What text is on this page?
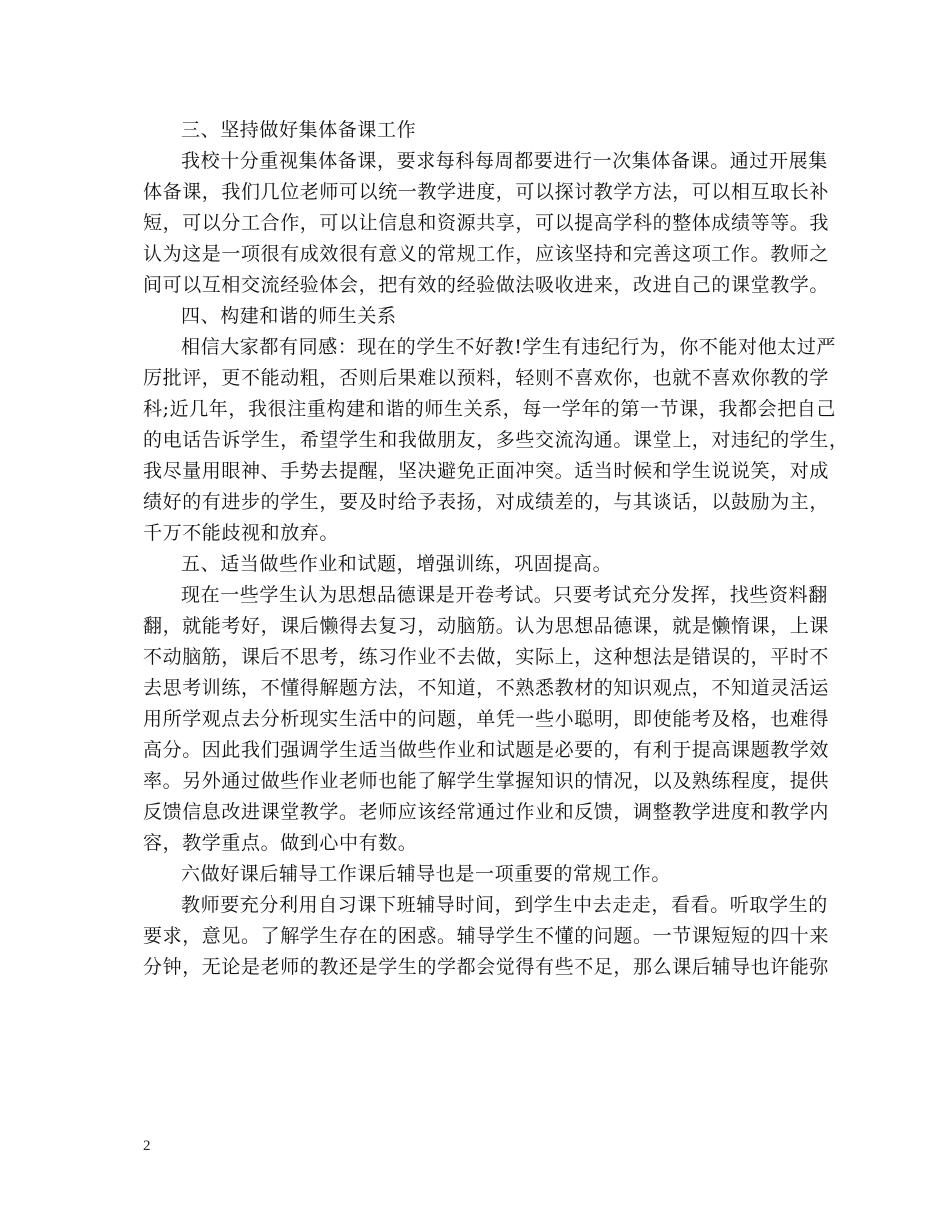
三、坚持做好集体备课工作
我校十分重视集体备课，要求每科每周都要进行一次集体备课。通过开展集
体备课，我们几位老师可以统一教学进度，可以探讨教学方法，可以相互取长补
短，可以分工合作，可以让信息和资源共享，可以提高学科的整体成绩等等。我
认为这是一项很有成效很有意义的常规工作，应该坚持和完善这项工作。教师之
间可以互相交流经验体会，把有效的经验做法吸收进来，改进自己的课堂教学。
四、构建和谐的师生关系
相信大家都有同感：现在的学生不好教!学生有违纪行为，你不能对他太过严
厉批评，更不能动粗，否则后果难以预料，轻则不喜欢你，也就不喜欢你教的学
科;近几年，我很注重构建和谐的师生关系，每一学年的第一节课，我都会把自己
的电话告诉学生，希望学生和我做朋友，多些交流沟通。课堂上，对违纪的学生，
我尽量用眼神、手势去提醒，坚决避免正面冲突。适当时候和学生说说笑，对成
绩好的有进步的学生，要及时给予表扬，对成绩差的，与其谈话，以鼓励为主，
千万不能歧视和放弃。
五、适当做些作业和试题，增强训练，巩固提高。
现在一些学生认为思想品德课是开卷考试。只要考试充分发挥，找些资料翻
翻，就能考好，课后懒得去复习，动脑筋。认为思想品德课，就是懒惰课，上课
不动脑筋，课后不思考，练习作业不去做，实际上，这种想法是错误的，平时不
去思考训练，不懂得解题方法，不知道，不熟悉教材的知识观点，不知道灵活运
用所学观点去分析现实生活中的问题，单凭一些小聪明，即使能考及格，也难得
高分。因此我们强调学生适当做些作业和试题是必要的，有利于提高课题教学效
率。另外通过做些作业老师也能了解学生掌握知识的情况，以及熟练程度，提供
反馈信息改进课堂教学。老师应该经常通过作业和反馈，调整教学进度和教学内
容，教学重点。做到心中有数。
六做好课后辅导工作课后辅导也是一项重要的常规工作。
教师要充分利用自习课下班辅导时间，到学生中去走走，看看。听取学生的
要求，意见。了解学生存在的困惑。辅导学生不懂的问题。一节课短短的四十来
分钟，无论是老师的教还是学生的学都会觉得有些不足，那么课后辅导也许能弥
2
